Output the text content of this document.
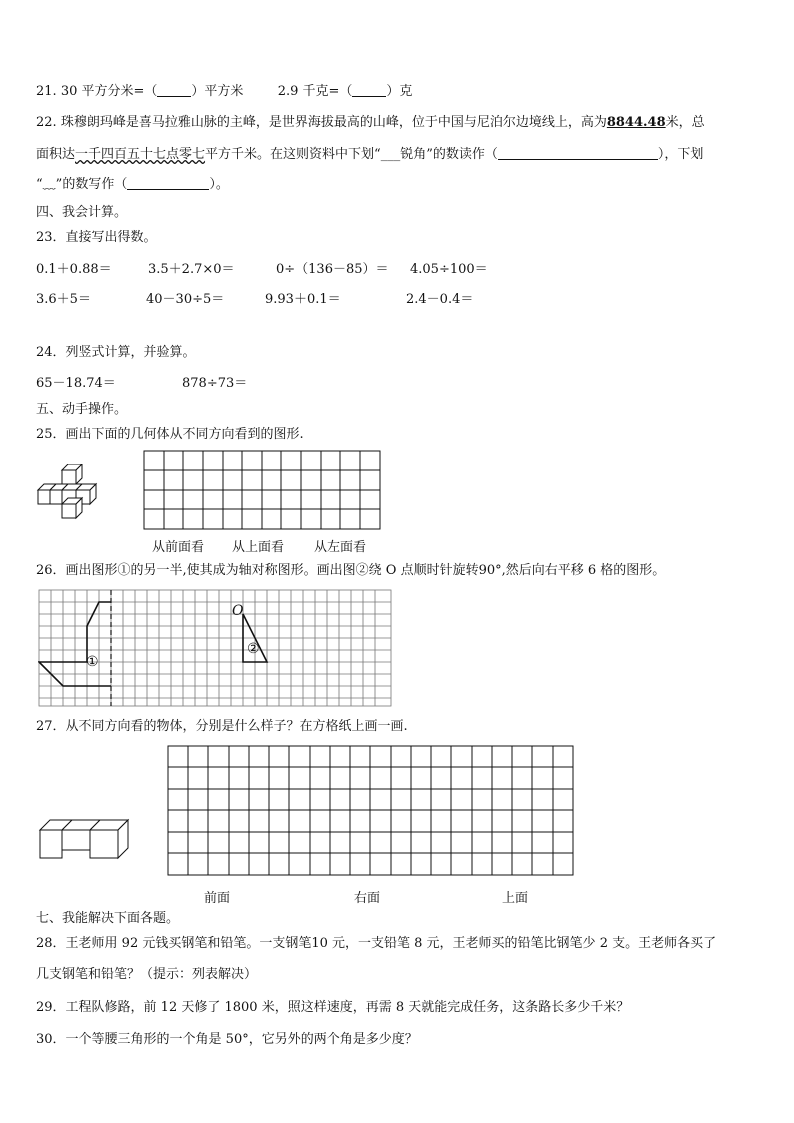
21. 30 平方分米=（	）平方米	2.9 千克=（	）克
22. 珠穆朗玛峰是喜马拉雅山脉的主峰，是世界海拔最高的山峰，位于中国与尼泊尔边境线上，高为8844.48米，总
面积达一千四百五十七点零七平方千米。在这则资料中下划“___锐角”的数读作（	），下划
“﹏”的数写作（	）。
四、我会计算。
23．直接写出得数。
0.1＋0.88＝	3.5＋2.7×0＝	0÷（136－85）＝ 4.05÷100＝
3.6＋5＝	40－30÷5＝	9.93＋0.1＝	2.4－0.4＝
24．列竖式计算，并验算。
65－18.74＝	878÷73＝
五、动手操作。
25．画出下面的几何体从不同方向看到的图形.
从前面看 从上面看 从左面看
26．画出图形①的另一半,使其成为轴对称图形。画出图②绕 O 点顺时针旋转90°,然后向右平移 6 格的图形。
①
②
O
27．从不同方向看的物体，分别是什么样子？在方格纸上画一画.
前面	右面	上面
七、我能解决下面各题。
28．王老师用 92 元钱买钢笔和铅笔。一支钢笔10 元，一支铅笔 8 元，王老师买的铅笔比钢笔少 2 支。王老师各买了
几支钢笔和铅笔？（提示：列表解决）
29．工程队修路，前 12 天修了 1800 米，照这样速度，再需 8 天就能完成任务，这条路长多少千米？
30．一个等腰三角形的一个角是 50°，它另外的两个角是多少度？
